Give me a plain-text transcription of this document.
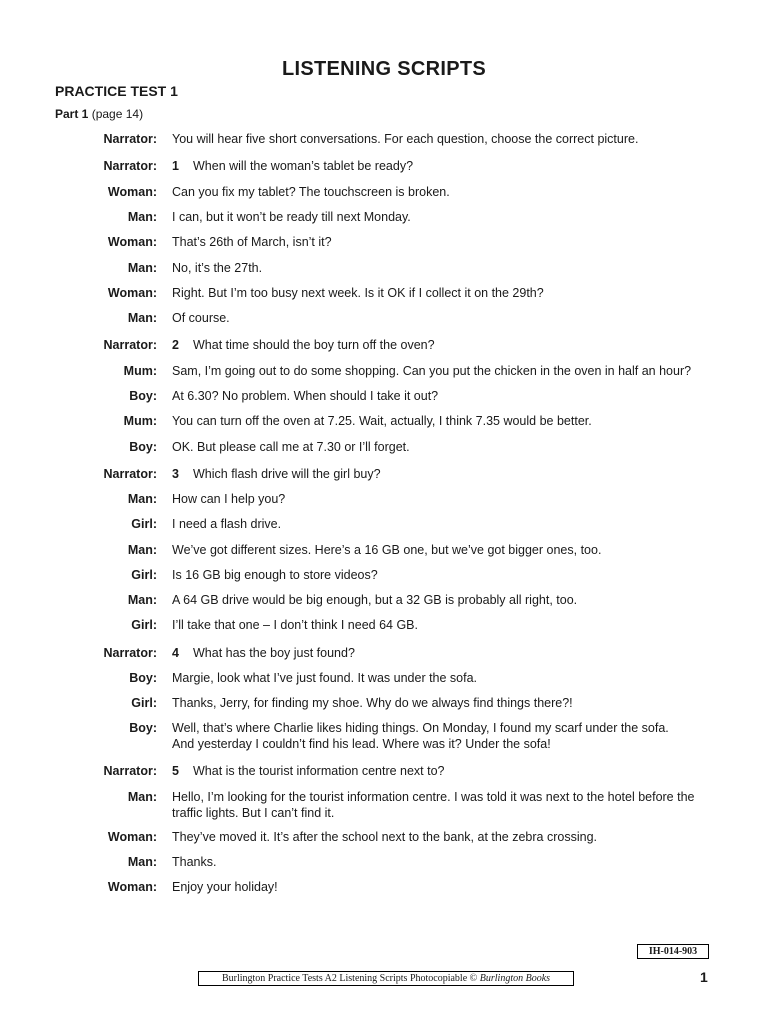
LISTENING SCRIPTS
PRACTICE TEST 1
Part 1 (page 14)
Narrator: You will hear five short conversations. For each question, choose the correct picture.
Narrator: 1 When will the woman’s tablet be ready?
Woman: Can you fix my tablet? The touchscreen is broken.
Man: I can, but it won’t be ready till next Monday.
Woman: That’s 26th of March, isn’t it?
Man: No, it’s the 27th.
Woman: Right. But I’m too busy next week. Is it OK if I collect it on the 29th?
Man: Of course.
Narrator: 2 What time should the boy turn off the oven?
Mum: Sam, I’m going out to do some shopping. Can you put the chicken in the oven in half an hour?
Boy: At 6.30? No problem. When should I take it out?
Mum: You can turn off the oven at 7.25. Wait, actually, I think 7.35 would be better.
Boy: OK. But please call me at 7.30 or I’ll forget.
Narrator: 3 Which flash drive will the girl buy?
Man: How can I help you?
Girl: I need a flash drive.
Man: We’ve got different sizes. Here’s a 16 GB one, but we’ve got bigger ones, too.
Girl: Is 16 GB big enough to store videos?
Man: A 64 GB drive would be big enough, but a 32 GB is probably all right, too.
Girl: I’ll take that one – I don’t think I need 64 GB.
Narrator: 4 What has the boy just found?
Boy: Margie, look what I’ve just found. It was under the sofa.
Girl: Thanks, Jerry, for finding my shoe. Why do we always find things there?!
Boy: Well, that’s where Charlie likes hiding things. On Monday, I found my scarf under the sofa.
And yesterday I couldn’t find his lead. Where was it? Under the sofa!
Narrator: 5 What is the tourist information centre next to?
Man: Hello, I’m looking for the tourist information centre. I was told it was next to the hotel before the
traffic lights. But I can’t find it.
Woman: They’ve moved it. It’s after the school next to the bank, at the zebra crossing.
Man: Thanks.
Woman: Enjoy your holiday!
IH-014-903
Burlington Practice Tests A2 Listening Scripts Photocopiable © Burlington Books	1
